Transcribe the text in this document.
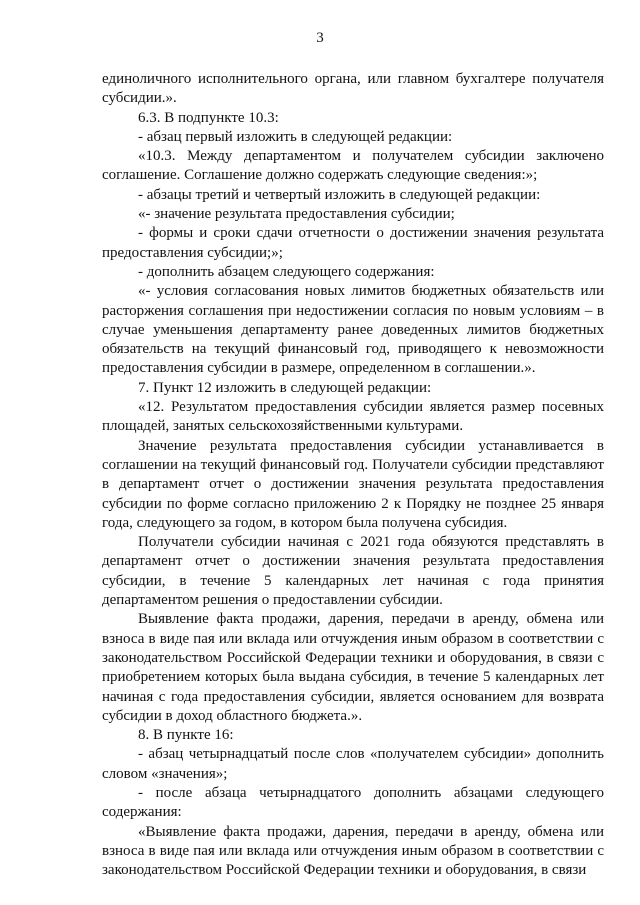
3

единоличного исполнительного органа, или главном бухгалтере получателя субсидии.».

6.3. В подпункте 10.3:

- абзац первый изложить в следующей редакции:

«10.3. Между департаментом и получателем субсидии заключено соглашение. Соглашение должно содержать следующие сведения:»;

- абзацы третий и четвертый изложить в следующей редакции:

«- значение результата предоставления субсидии;

- формы и сроки сдачи отчетности о достижении значения результата предоставления субсидии;»;

- дополнить абзацем следующего содержания:

«- условия согласования новых лимитов бюджетных обязательств или расторжения соглашения при недостижении согласия по новым условиям – в случае уменьшения департаменту ранее доведенных лимитов бюджетных обязательств на текущий финансовый год, приводящего к невозможности предоставления субсидии в размере, определенном в соглашении.».

7. Пункт 12 изложить в следующей редакции:

«12. Результатом предоставления субсидии является размер посевных площадей, занятых сельскохозяйственными культурами.

Значение результата предоставления субсидии устанавливается в соглашении на текущий финансовый год. Получатели субсидии представляют в департамент отчет о достижении значения результата предоставления субсидии по форме согласно приложению 2 к Порядку не позднее 25 января года, следующего за годом, в котором была получена субсидия.

Получатели субсидии начиная с 2021 года обязуются представлять в департамент отчет о достижении значения результата предоставления субсидии, в течение 5 календарных лет начиная с года принятия департаментом решения о предоставлении субсидии.

Выявление факта продажи, дарения, передачи в аренду, обмена или взноса в виде пая или вклада или отчуждения иным образом в соответствии с законодательством Российской Федерации техники и оборудования, в связи с приобретением которых была выдана субсидия, в течение 5 календарных лет начиная с года предоставления субсидии, является основанием для возврата субсидии в доход областного бюджета.».

8. В пункте 16:

- абзац четырнадцатый после слов «получателем субсидии» дополнить словом «значения»;

- после абзаца четырнадцатого дополнить абзацами следующего содержания:

«Выявление факта продажи, дарения, передачи в аренду, обмена или взноса в виде пая или вклада или отчуждения иным образом в соответствии с законодательством Российской Федерации техники и оборудования, в связи
